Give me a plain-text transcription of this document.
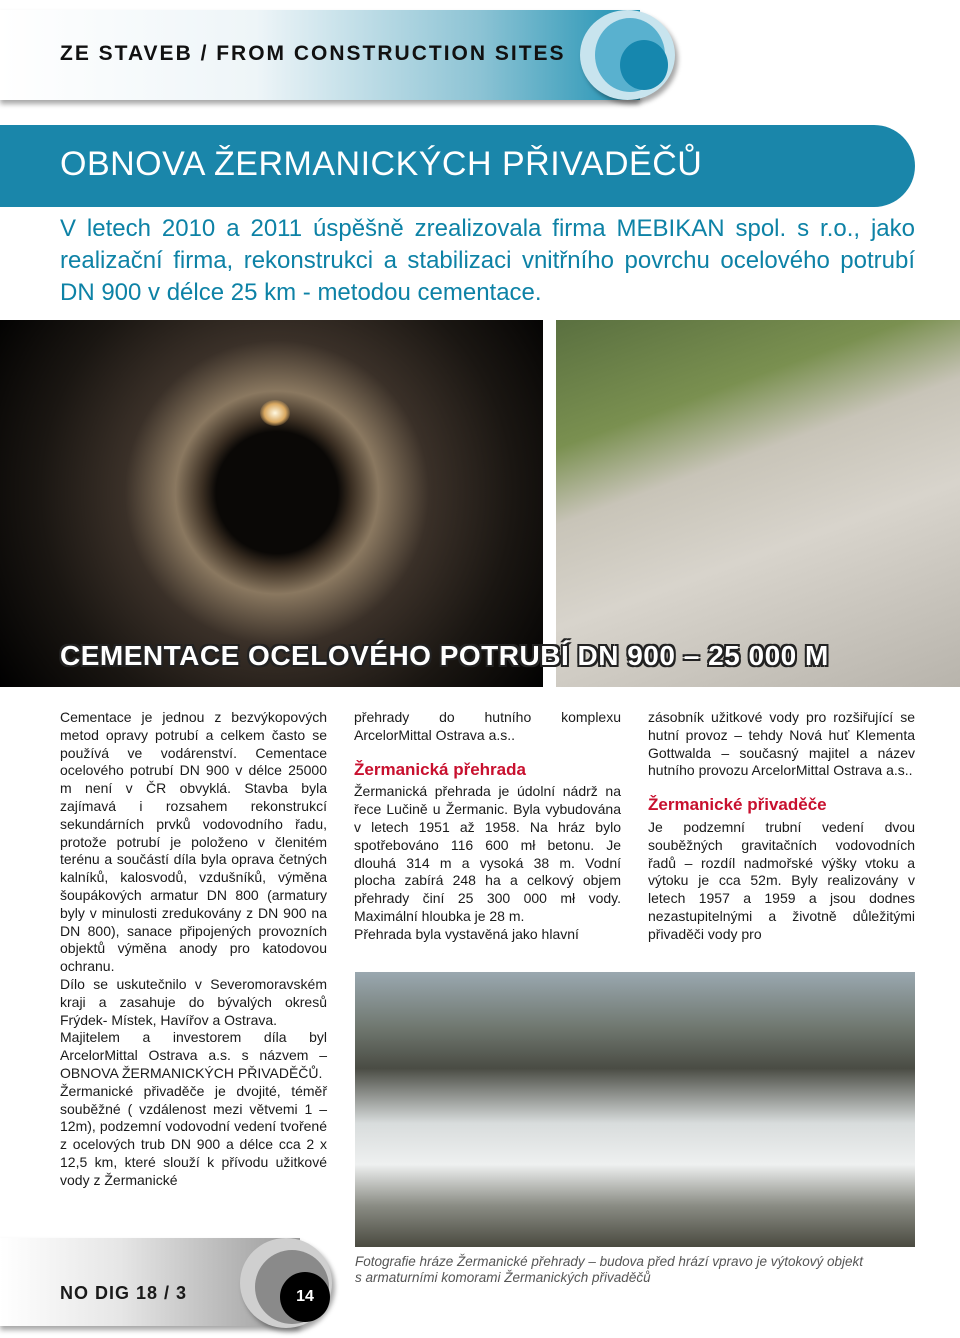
ZE STAVEB / FROM CONSTRUCTION SITES
OBNOVA ŽERMANICKÝCH PŘIVADĚČŮ

V letech 2010 a 2011 úspěšně zrealizovala firma MEBIKAN spol. s r.o., jako realizační firma, rekonstrukci a stabilizaci vnitřního povrchu ocelového potrubí DN 900 v délce 25 km - metodou cementace.

CEMENTACE OCELOVÉHO POTRUBÍ DN 900 – 25 000 M

Cementace je jednou z bezvýkopových metod opravy potrubí a celkem často se používá ve vodárenství. Cementace ocelového potrubí DN 900 v délce 25000 m není v ČR obvyklá. Stavba byla zajímavá i rozsahem rekonstrukcí sekundárních prvků vodovodního řadu, protože potrubí je položeno v členitém terénu a součástí díla byla oprava četných kalníků, kalosvodů, vzdušníků, výměna šoupákových armatur DN 800 (armatury byly v minulosti zredukovány z DN 900 na DN 800), sanace připojených provozních objektů výměna anody pro katodovou ochranu.

Dílo se uskutečnilo v Severomoravském kraji a zasahuje do bývalých okresů Frýdek- Místek, Havířov a Ostrava.

Majitelem a investorem díla byl ArcelorMittal Ostrava a.s. s názvem – OBNOVA ŽERMANICKÝCH PŘIVADĚČŮ.

Žermanické přivaděče je dvojité, téměř souběžné ( vzdálenost mezi větvemi 1 – 12m), podzemní vodovodní vedení tvořené z ocelových trub DN 900 a délce cca 2 x 12,5 km, které slouží k přívodu užitkové vody z Žermanické

přehrady do hutního komplexu ArcelorMittal Ostrava a.s..

Žermanická přehrada

Žermanická přehrada je údolní nádrž na řece Lučině u Žermanic. Byla vybudována v letech 1951 až 1958. Na hráz bylo spotřebováno 116 600 mł betonu. Je dlouhá 314 m a vysoká 38 m. Vodní plocha zabírá 248 ha a celkový objem přehrady činí 25 300 000 mł vody. Maximální hloubka je 28 m.

Přehrada byla vystavěná jako hlavní

zásobník užitkové vody pro rozšiřující se hutní provoz – tehdy Nová huť Klementa Gottwalda – současný majitel a název hutního provozu ArcelorMittal Ostrava a.s..

Žermanické přivaděče

Je podzemní trubní vedení dvou souběžných gravitačních vodovodních řadů – rozdíl nadmořské výšky vtoku a výtoku je cca 52m. Byly realizovány v letech 1957 a 1959 a jsou dodnes nezastupitelnými a životně důležitými přivaděči vody pro

Fotografie hráze Žermanické přehrady – budova před hrází vpravo je výtokový objekt
s armaturními komorami Žermanických přivaděčů
14
NO DIG 18 / 3
